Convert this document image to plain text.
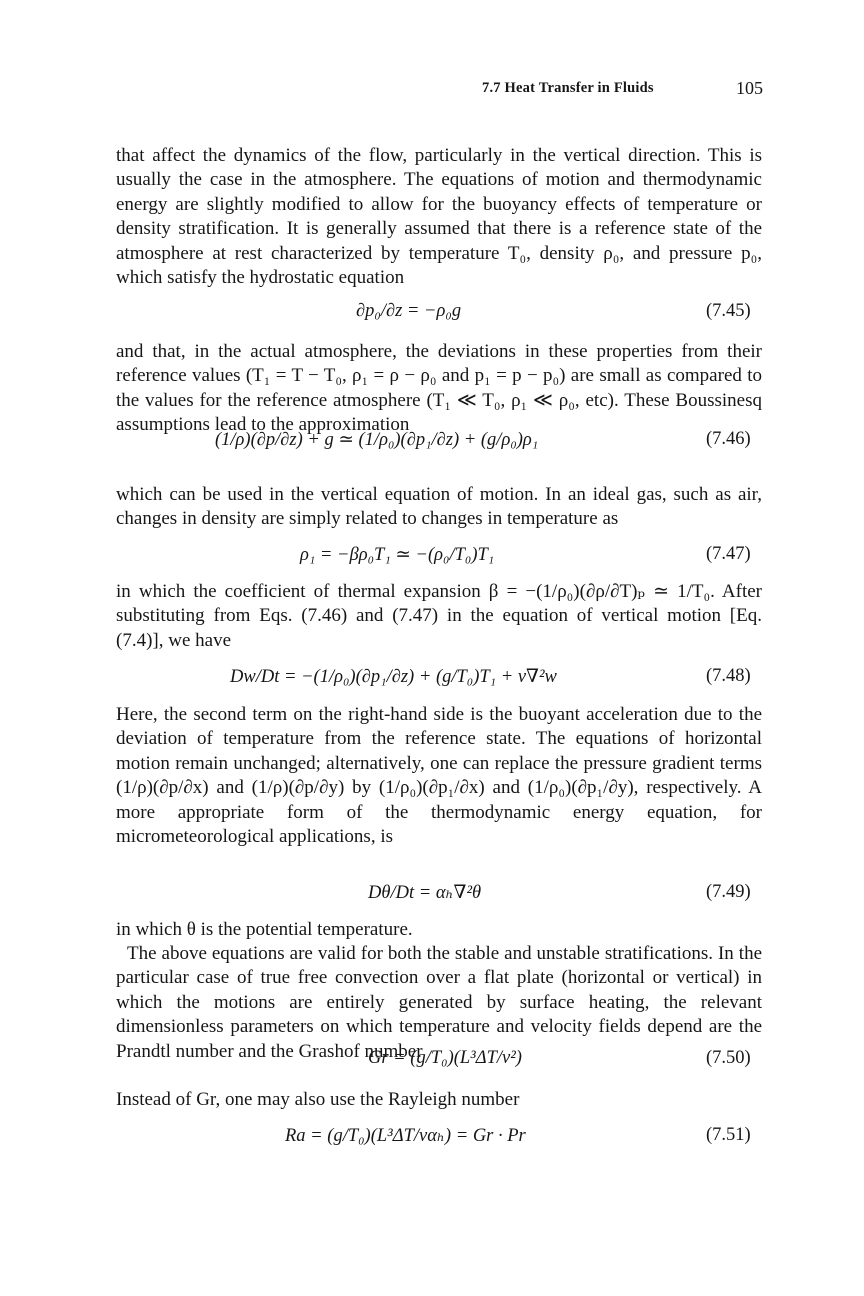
7.7 Heat Transfer in Fluids	105
that affect the dynamics of the flow, particularly in the vertical direction. This is usually the case in the atmosphere. The equations of motion and thermodynamic energy are slightly modified to allow for the buoyancy effects of temperature or density stratification. It is generally assumed that there is a reference state of the atmosphere at rest characterized by temperature T₀, density ρ₀, and pressure p₀, which satisfy the hydrostatic equation
∂p₀/∂z = −ρ₀g	(7.45)
and that, in the actual atmosphere, the deviations in these properties from their reference values (T₁ = T − T₀, ρ₁ = ρ − ρ₀ and p₁ = p − p₀) are small as compared to the values for the reference atmosphere (T₁ ≪ T₀, ρ₁ ≪ ρ₀, etc). These Boussinesq assumptions lead to the approximation
(1/ρ)(∂p/∂z) + g ≃ (1/ρ₀)(∂p₁/∂z) + (g/ρ₀)ρ₁	(7.46)
which can be used in the vertical equation of motion. In an ideal gas, such as air, changes in density are simply related to changes in temperature as
ρ₁ = −βρ₀T₁ ≃ −(ρ₀/T₀)T₁	(7.47)
in which the coefficient of thermal expansion β = −(1/ρ₀)(∂ρ/∂T)ₚ ≃ 1/T₀. After substituting from Eqs. (7.46) and (7.47) in the equation of vertical motion [Eq. (7.4)], we have
Dw/Dt = −(1/ρ₀)(∂p₁/∂z) + (g/T₀)T₁ + ν∇²w	(7.48)
Here, the second term on the right-hand side is the buoyant acceleration due to the deviation of temperature from the reference state. The equations of horizontal motion remain unchanged; alternatively, one can replace the pressure gradient terms (1/ρ)(∂p/∂x) and (1/ρ)(∂p/∂y) by (1/ρ₀)(∂p₁/∂x) and (1/ρ₀)(∂p₁/∂y), respectively. A more appropriate form of the thermodynamic energy equation, for micrometeorological applications, is
Dθ/Dt = αₕ∇²θ	(7.49)
in which θ is the potential temperature.
The above equations are valid for both the stable and unstable stratifications. In the particular case of true free convection over a flat plate (horizontal or vertical) in which the motions are entirely generated by surface heating, the relevant dimensionless parameters on which temperature and velocity fields depend are the Prandtl number and the Grashof number
Gr = (g/T₀)(L³ΔT/ν²)	(7.50)
Instead of Gr, one may also use the Rayleigh number
Ra = (g/T₀)(L³ΔT/ναₕ) = Gr · Pr	(7.51)
